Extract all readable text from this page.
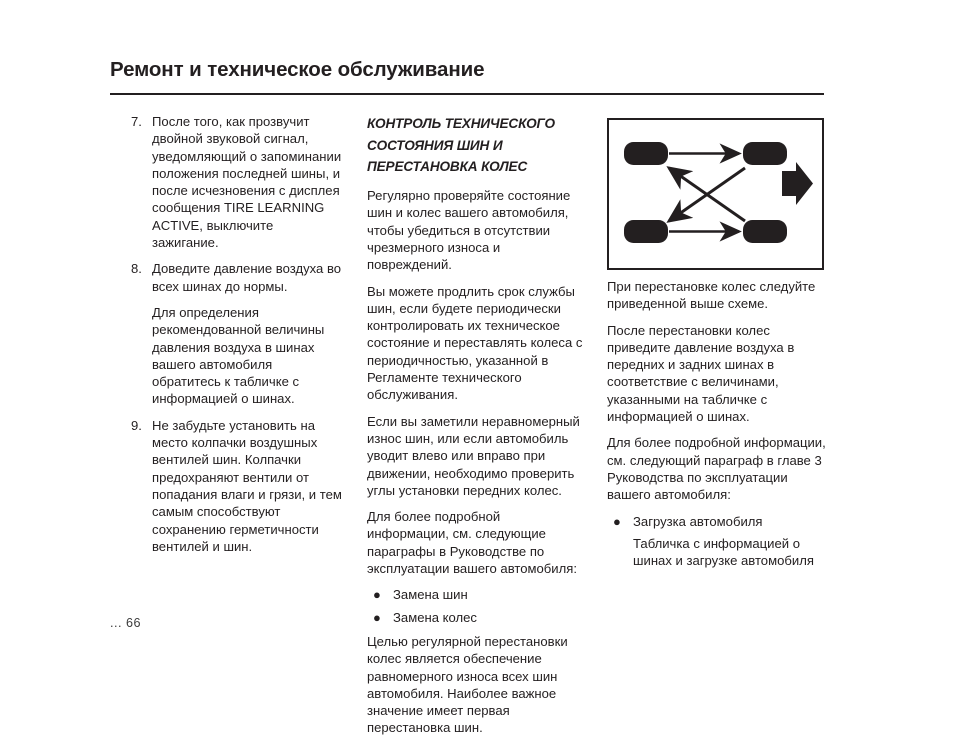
Ремонт и техническое обслуживание
7. После того, как прозвучит двойной звуковой сигнал, уведомляющий о запоминании положения последней шины, и после исчезновения с дисплея сообщения TIRE LEARNING ACTIVE, выключите зажигание.
8. Доведите давление воздуха во всех шинах до нормы.
Для определения рекомендованной величины давления воздуха в шинах вашего автомобиля обратитесь к табличке с информацией о шинах.
9. Не забудьте установить на место колпачки воздушных вентилей шин. Колпачки предохраняют вентили от попадания влаги и грязи, и тем самым способствуют сохранению герметичности вентилей и шин.
КОНТРОЛЬ ТЕХНИЧЕСКОГО
СОСТОЯНИЯ ШИН И
ПЕРЕСТАНОВКА КОЛЕС

Регулярно проверяйте состояние шин и колес вашего автомобиля, чтобы убедиться в отсутствии чрезмерного износа и повреждений.

Вы можете продлить срок службы шин, если будете периодически контролировать их техническое состояние и переставлять колеса с периодичностью, указанной в Регламенте технического обслуживания.

Если вы заметили неравномерный износ шин, или если автомобиль уводит влево или вправо при движении, необходимо проверить углы установки передних колес.

Для более подробной информации, см. следующие параграфы в Руководстве по эксплуатации вашего автомобиля:

● Замена шин
● Замена колес

Целью регулярной перестановки колес является обеспечение равномерного износа всех шин автомобиля. Наиболее важное значение имеет первая перестановка шин.

При перестановке колес следуйте приведенной выше схеме.

После перестановки колес приведите давление воздуха в передних и задних шинах в соответствие с величинами, указанными на табличке с информацией о шинах.

Для более подробной информации, см. следующий параграф в главе 3 Руководства по эксплуатации вашего автомобиля:

● Загрузка автомобиля
Табличка с информацией о шинах и загрузке автомобиля
... 66
